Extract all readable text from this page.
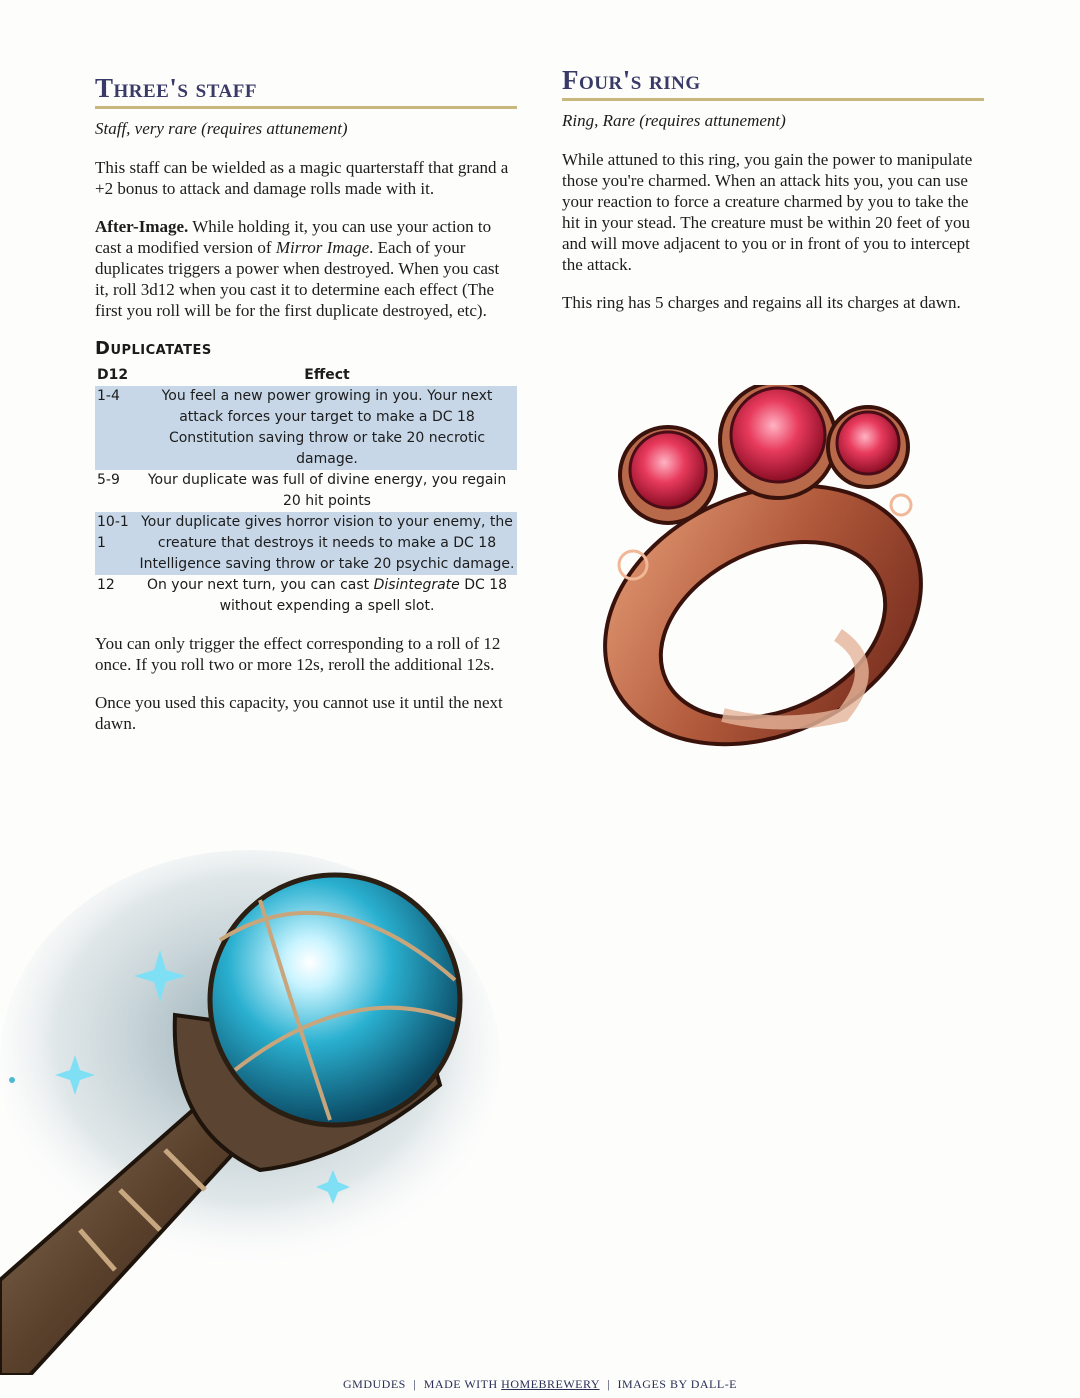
Three's staff
Staff, very rare (requires attunement)

This staff can be wielded as a magic quarterstaff that grand a +2 bonus to attack and damage rolls made with it.

After-Image. While holding it, you can use your action to cast a modified version of Mirror Image. Each of your duplicates triggers a power when destroyed. When you cast it, roll 3d12 when you cast it to determine each effect (The first you roll will be for the first duplicate destroyed, etc).

Duplicatates
D12	Effect
1-4	You feel a new power growing in you. Your next attack forces your target to make a DC 18 Constitution saving throw or take 20 necrotic damage.
5-9	Your duplicate was full of divine energy, you regain 20 hit points
10-11	Your duplicate gives horror vision to your enemy, the creature that destroys it needs to make a DC 18 Intelligence saving throw or take 20 psychic damage.
12	On your next turn, you can cast Disintegrate DC 18 without expending a spell slot.

You can only trigger the effect corresponding to a roll of 12 once. If you roll two or more 12s, reroll the additional 12s.

Once you used this capacity, you cannot use it until the next dawn.

Four's ring
Ring, Rare (requires attunement)

While attuned to this ring, you gain the power to manipulate those you're charmed. When an attack hits you, you can use your reaction to force a creature charmed by you to take the hit in your stead. The creature must be within 20 feet of you and will move adjacent to you or in front of you to intercept the attack.

This ring has 5 charges and regains all its charges at dawn.

GMDUDES | MADE WITH HOMEBREWERY | IMAGES BY DALL-E
